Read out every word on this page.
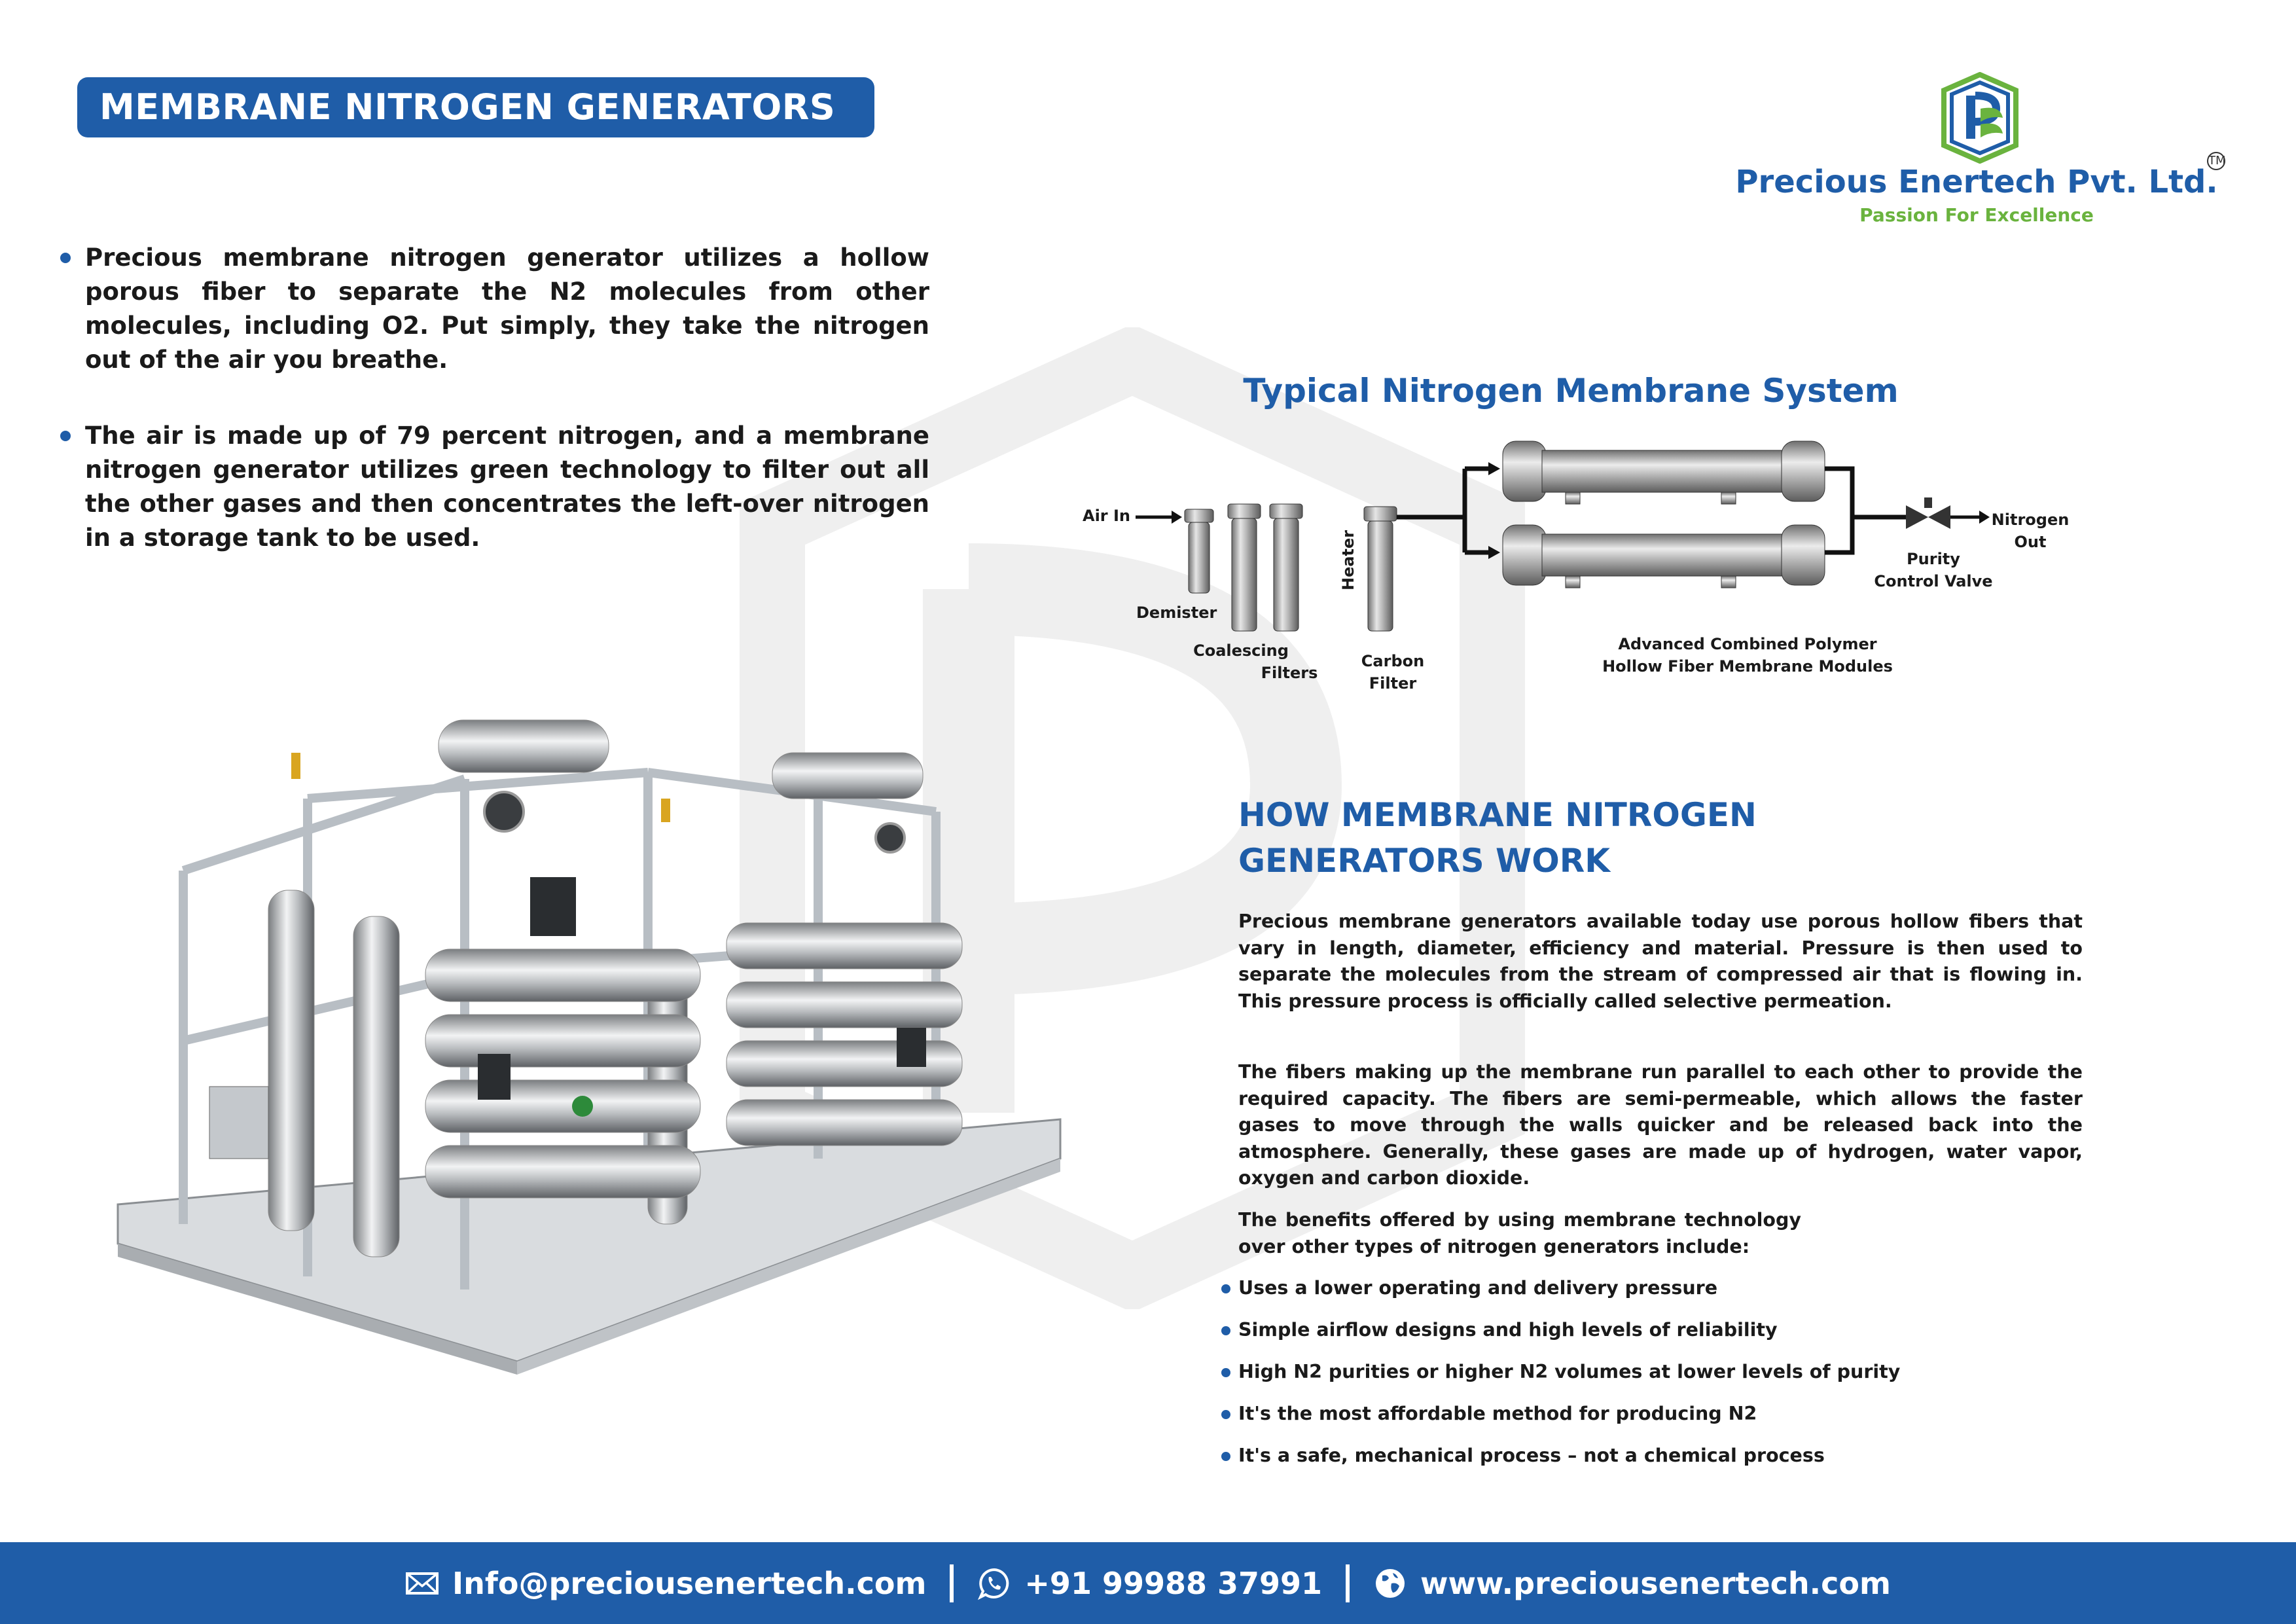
MEMBRANE NITROGEN GENERATORS
Precious Enertech Pvt. Ltd.
TM
Passion For Excellence

Precious membrane nitrogen generator utilizes a hollow porous fiber to separate the N2 molecules from other molecules, including O2. Put simply, they take the nitrogen out of the air you breathe.

The air is made up of 79 percent nitrogen, and a membrane nitrogen generator utilizes green technology to filter out all the other gases and then concentrates the left-over nitrogen in a storage tank to be used.

Typical Nitrogen Membrane System
Air In
Demister
Coalescing
Filters
Heater
Carbon
Filter
Advanced Combined Polymer
Hollow Fiber Membrane Modules
Purity
Control Valve
Nitrogen
Out
HOW MEMBRANE NITROGEN
GENERATORS WORK

Precious membrane generators available today use porous hollow fibers that vary in length, diameter, efficiency and material. Pressure is then used to separate the molecules from the stream of compressed air that is flowing in. This pressure process is officially called selective permeation.

The fibers making up the membrane run parallel to each other to provide the required capacity. The fibers are semi-permeable, which allows the faster gases to move through the walls quicker and be released back into the atmosphere. Generally, these gases are made up of hydrogen, water vapor, oxygen and carbon dioxide.

The benefits offered by using membrane technology over other types of nitrogen generators include:

Uses a lower operating and delivery pressure
Simple airflow designs and high levels of reliability
High N2 purities or higher N2 volumes at lower levels of purity
It's the most affordable method for producing N2
It's a safe, mechanical process – not a chemical process
Info@preciousenertech.com	+91 99988 37991	www.preciousenertech.com
